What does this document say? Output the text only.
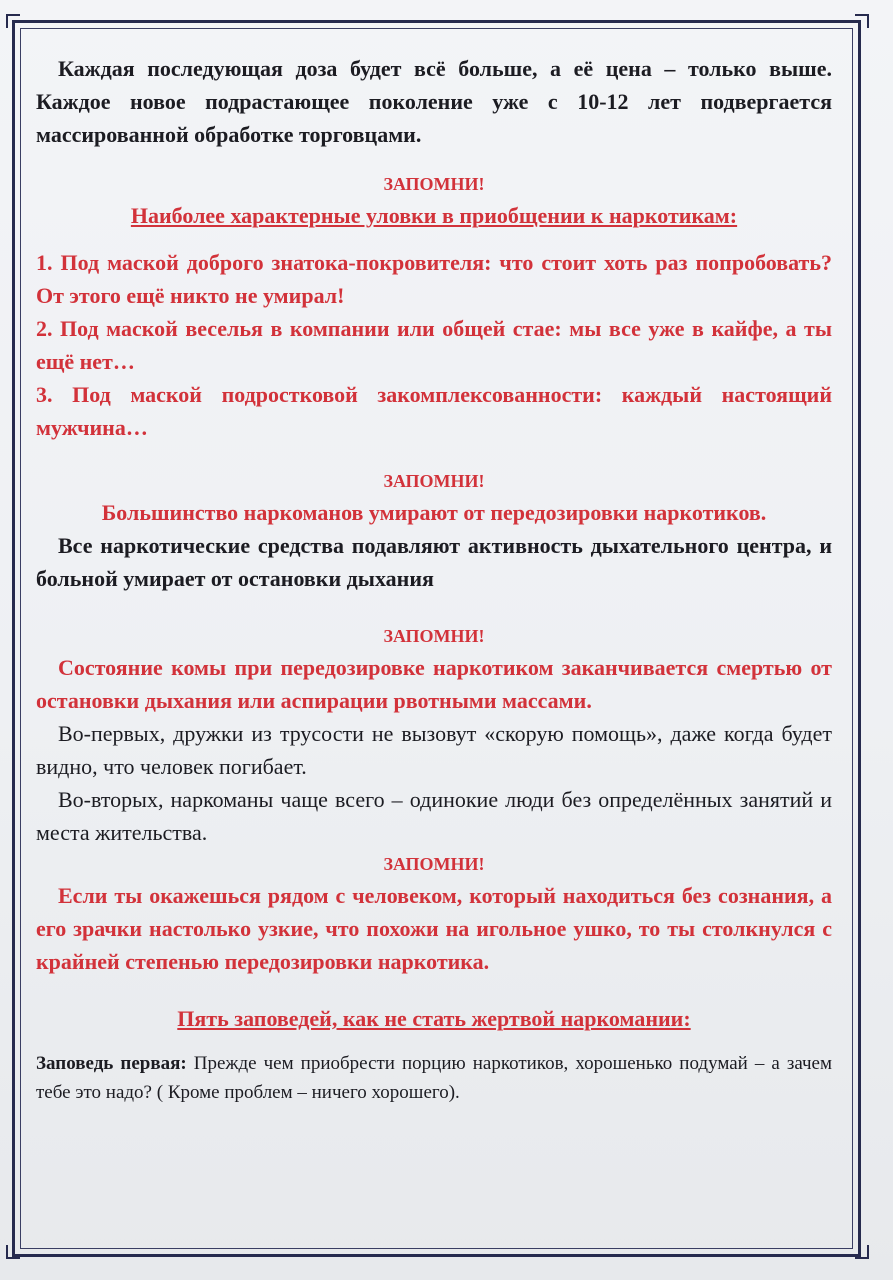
Каждая последующая доза будет всё больше, а её цена – только выше. Каждое новое подрастающее поколение уже с 10-12 лет подвергается массированной обработке торговцами.

ЗАПОМНИ!

Наиболее характерные уловки в приобщении к наркотикам:

1. Под маской доброго знатока-покровителя: что стоит хоть раз попробовать? От этого ещё никто не умирал!

2. Под маской веселья в компании или общей стае: мы все уже в кайфе, а ты ещё нет…

3. Под маской подростковой закомплексованности: каждый настоящий мужчина…

ЗАПОМНИ!

Большинство наркоманов умирают от передозировки наркотиков.

Все наркотические средства подавляют активность дыхательного центра, и больной умирает от остановки дыхания

ЗАПОМНИ!

Состояние комы при передозировке наркотиком заканчивается смертью от остановки дыхания или аспирации рвотными массами.

Во-первых, дружки из трусости не вызовут «скорую помощь», даже когда будет видно, что человек погибает.

Во-вторых, наркоманы чаще всего – одинокие люди без определённых занятий и места жительства.

ЗАПОМНИ!

Если ты окажешься рядом с человеком, который находиться без сознания, а его зрачки настолько узкие, что похожи на игольное ушко, то ты столкнулся с крайней степенью передозировки наркотика.

Пять заповедей, как не стать жертвой наркомании:

Заповедь первая: Прежде чем приобрести порцию наркотиков, хорошенько подумай – а зачем тебе это надо? ( Кроме проблем – ничего хорошего).
